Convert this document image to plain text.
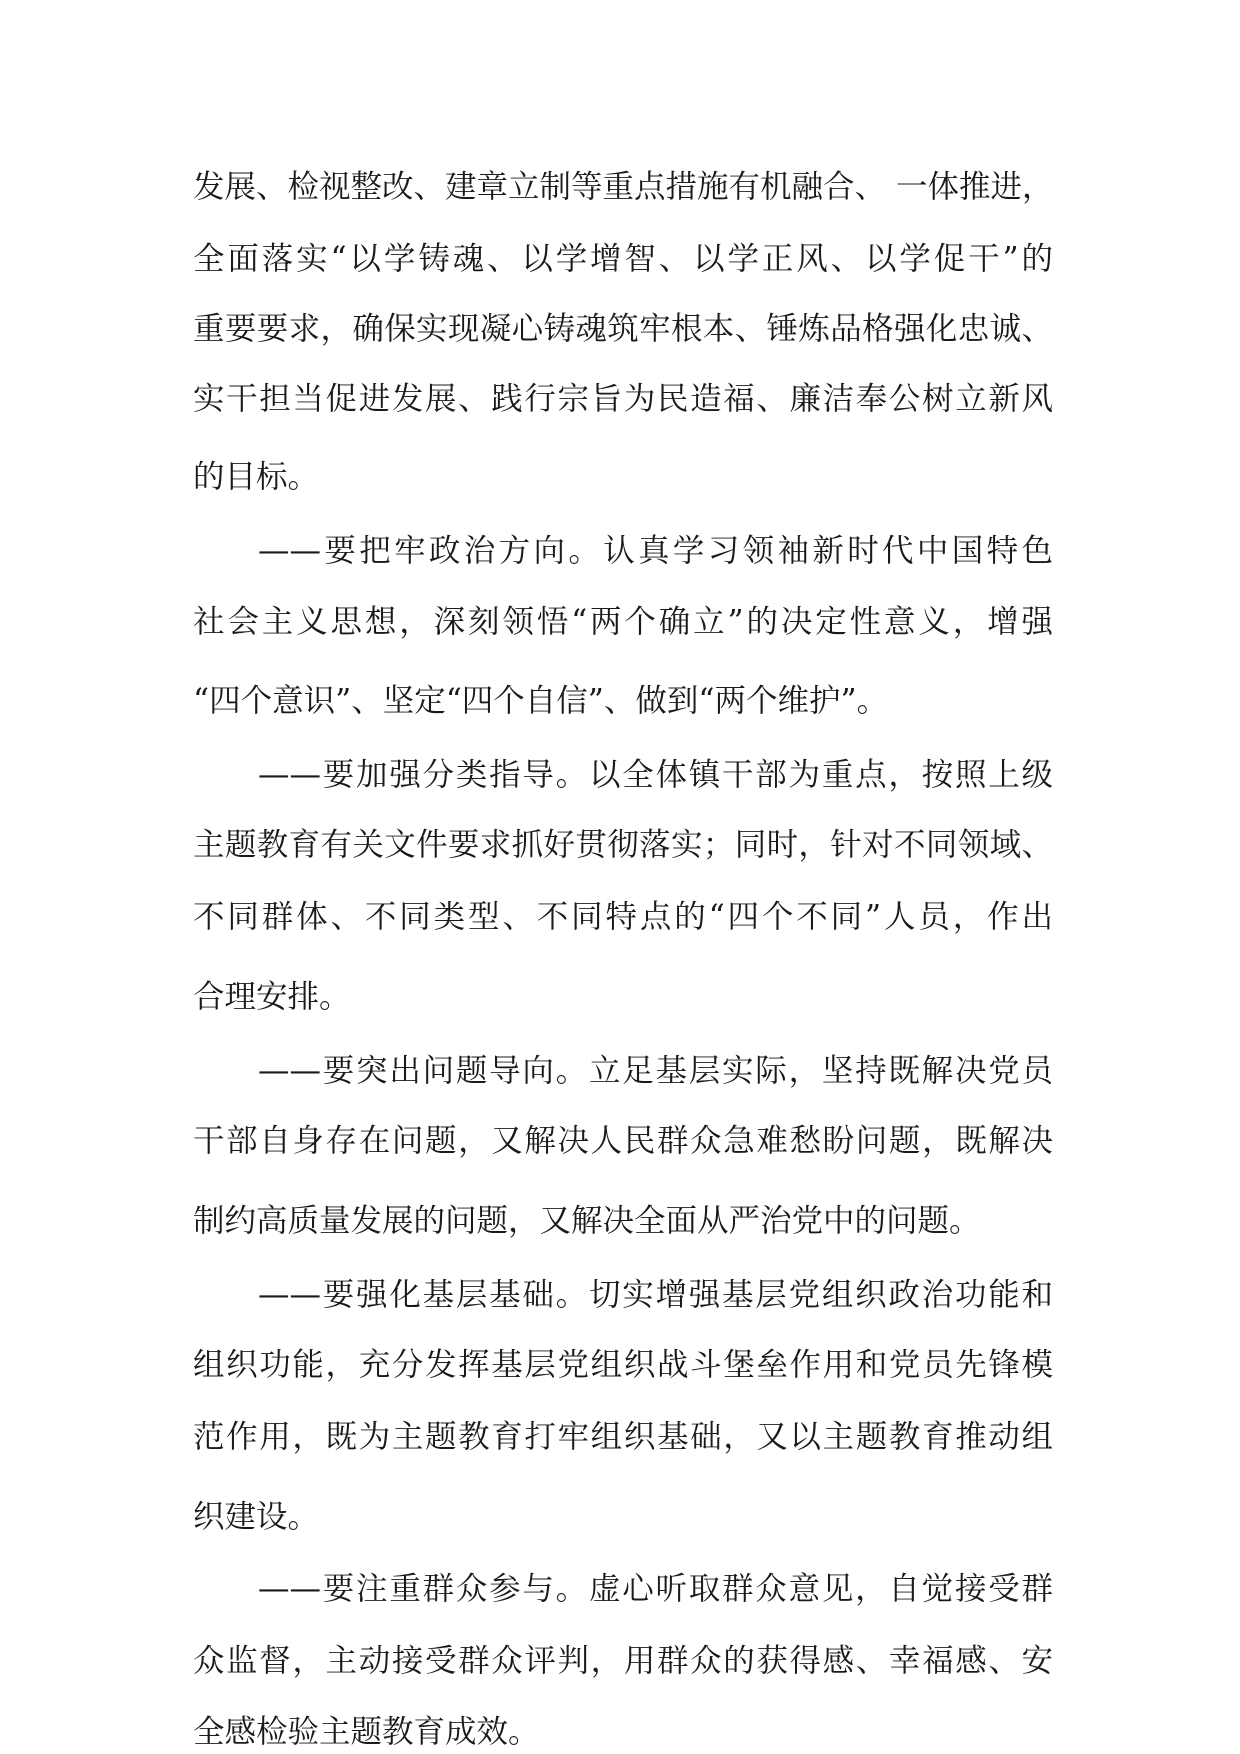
发展、检视整改、建章立制等重点措施有机融合、 一体推进，
全面落实“以学铸魂、以学增智、以学正风、以学促干”的
重要要求，确保实现凝心铸魂筑牢根本、锤炼品格强化忠诚、
实干担当促进发展、践行宗旨为民造福、廉洁奉公树立新风
的目标。
——要把牢政治方向。认真学习领袖新时代中国特色
社会主义思想，深刻领悟“两个确立”的决定性意义，增强
“四个意识”、坚定“四个自信”、做到“两个维护”。
——要加强分类指导。以全体镇干部为重点，按照上级
主题教育有关文件要求抓好贯彻落实；同时，针对不同领域、
不同群体、不同类型、不同特点的“四个不同”人员，作出
合理安排。
——要突出问题导向。立足基层实际，坚持既解决党员
干部自身存在问题，又解决人民群众急难愁盼问题，既解决
制约高质量发展的问题，又解决全面从严治党中的问题。
——要强化基层基础。切实增强基层党组织政治功能和
组织功能，充分发挥基层党组织战斗堡垒作用和党员先锋模
范作用，既为主题教育打牢组织基础，又以主题教育推动组
织建设。
——要注重群众参与。虚心听取群众意见，自觉接受群
众监督，主动接受群众评判，用群众的获得感、幸福感、安
全感检验主题教育成效。
